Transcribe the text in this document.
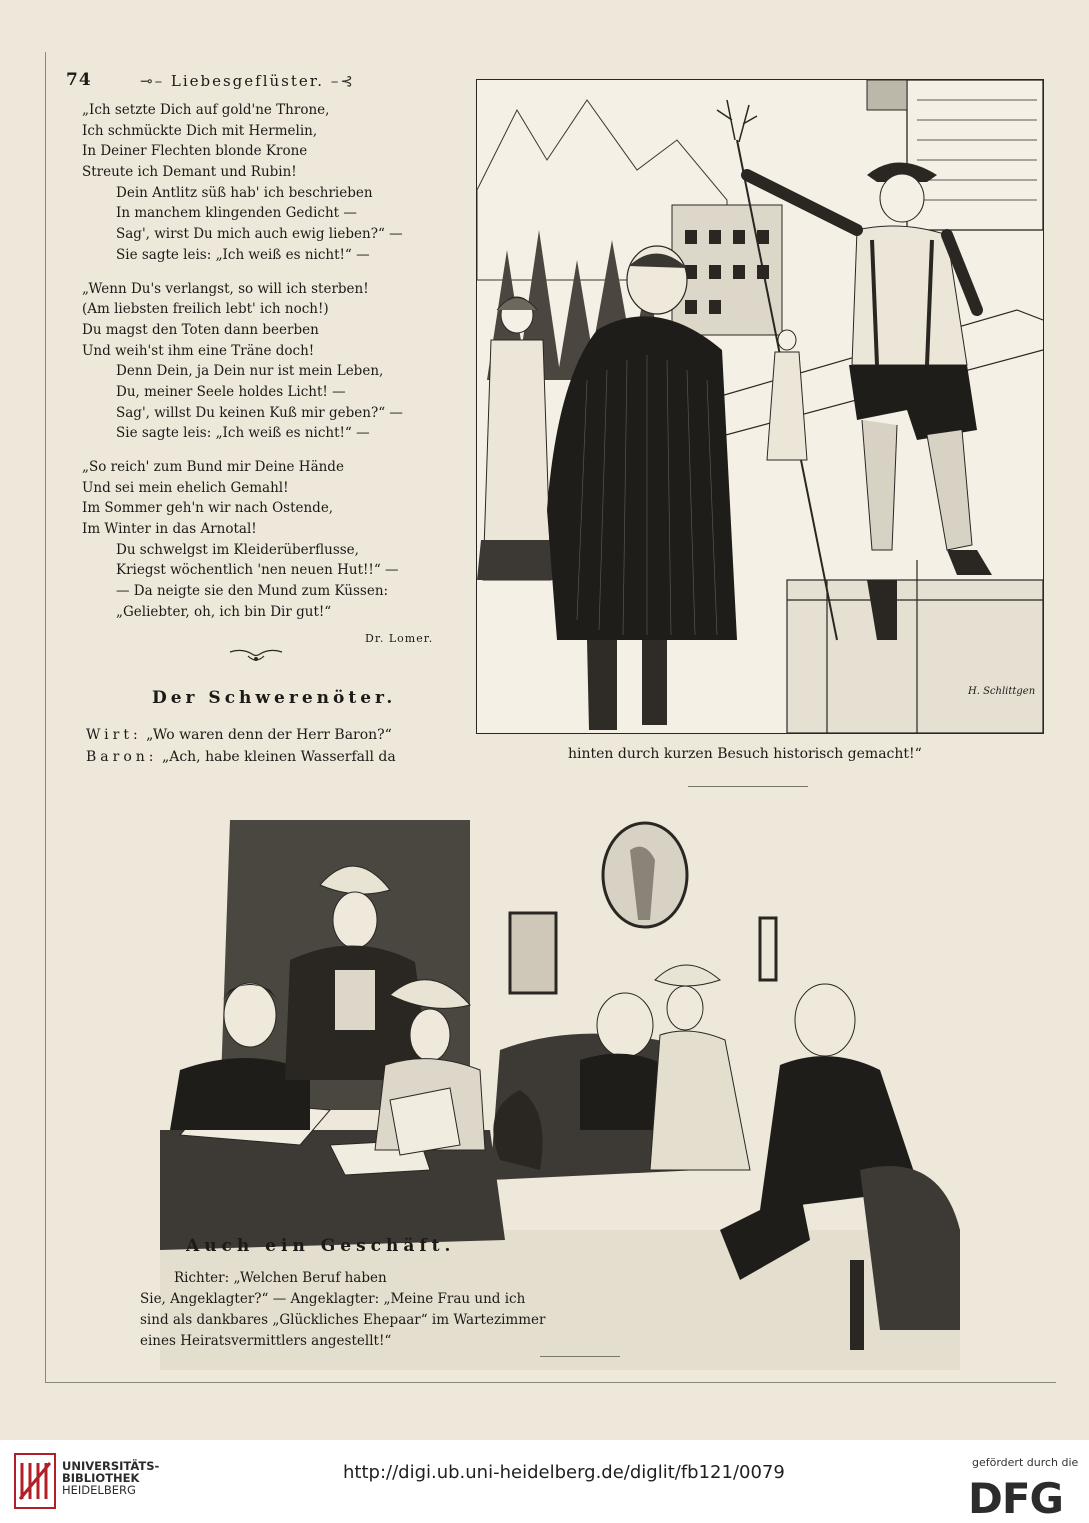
74	⊸– Liebesgeflüster. –⊰
„Ich setzte Dich auf gold'ne Throne,
Ich schmückte Dich mit Hermelin,
In Deiner Flechten blonde Krone
Streute ich Demant und Rubin!
Dein Antlitz süß hab' ich beschrieben
In manchem klingenden Gedicht —
Sag', wirst Du mich auch ewig lieben?“ —
Sie sagte leis: „Ich weiß es nicht!“ —
„Wenn Du's verlangst, so will ich sterben!
(Am liebsten freilich lebt' ich noch!)
Du magst den Toten dann beerben
Und weih'st ihm eine Träne doch!
Denn Dein, ja Dein nur ist mein Leben,
Du, meiner Seele holdes Licht! —
Sag', willst Du keinen Kuß mir geben?“ —
Sie sagte leis: „Ich weiß es nicht!“ —
„So reich' zum Bund mir Deine Hände
Und sei mein ehelich Gemahl!
Im Sommer geh'n wir nach Ostende,
Im Winter in das Arnotal!
Du schwelgst im Kleiderüberflusse,
Kriegst wöchentlich 'nen neuen Hut!!“ —
— Da neigte sie den Mund zum Küssen:
„Geliebter, oh, ich bin Dir gut!“
Dr. Lomer.
Der Schwerenöter.
Wirt: „Wo waren denn der Herr Baron?“
Baron: „Ach, habe kleinen Wasserfall da
H. Schlittgen
hinten durch kurzen Besuch historisch gemacht!“
Auch ein Geschäft.
Richter: „Welchen Beruf haben
Sie, Angeklagter?“ — Angeklagter: „Meine Frau und ich
sind als dankbares „Glückliches Ehepaar“ im Wartezimmer
eines Heiratsvermittlers angestellt!“
UNIVERSITÄTS-
BIBLIOTHEK
HEIDELBERG
http://digi.ub.uni-heidelberg.de/diglit/fb121/0079	gefördert durch die
DFG
